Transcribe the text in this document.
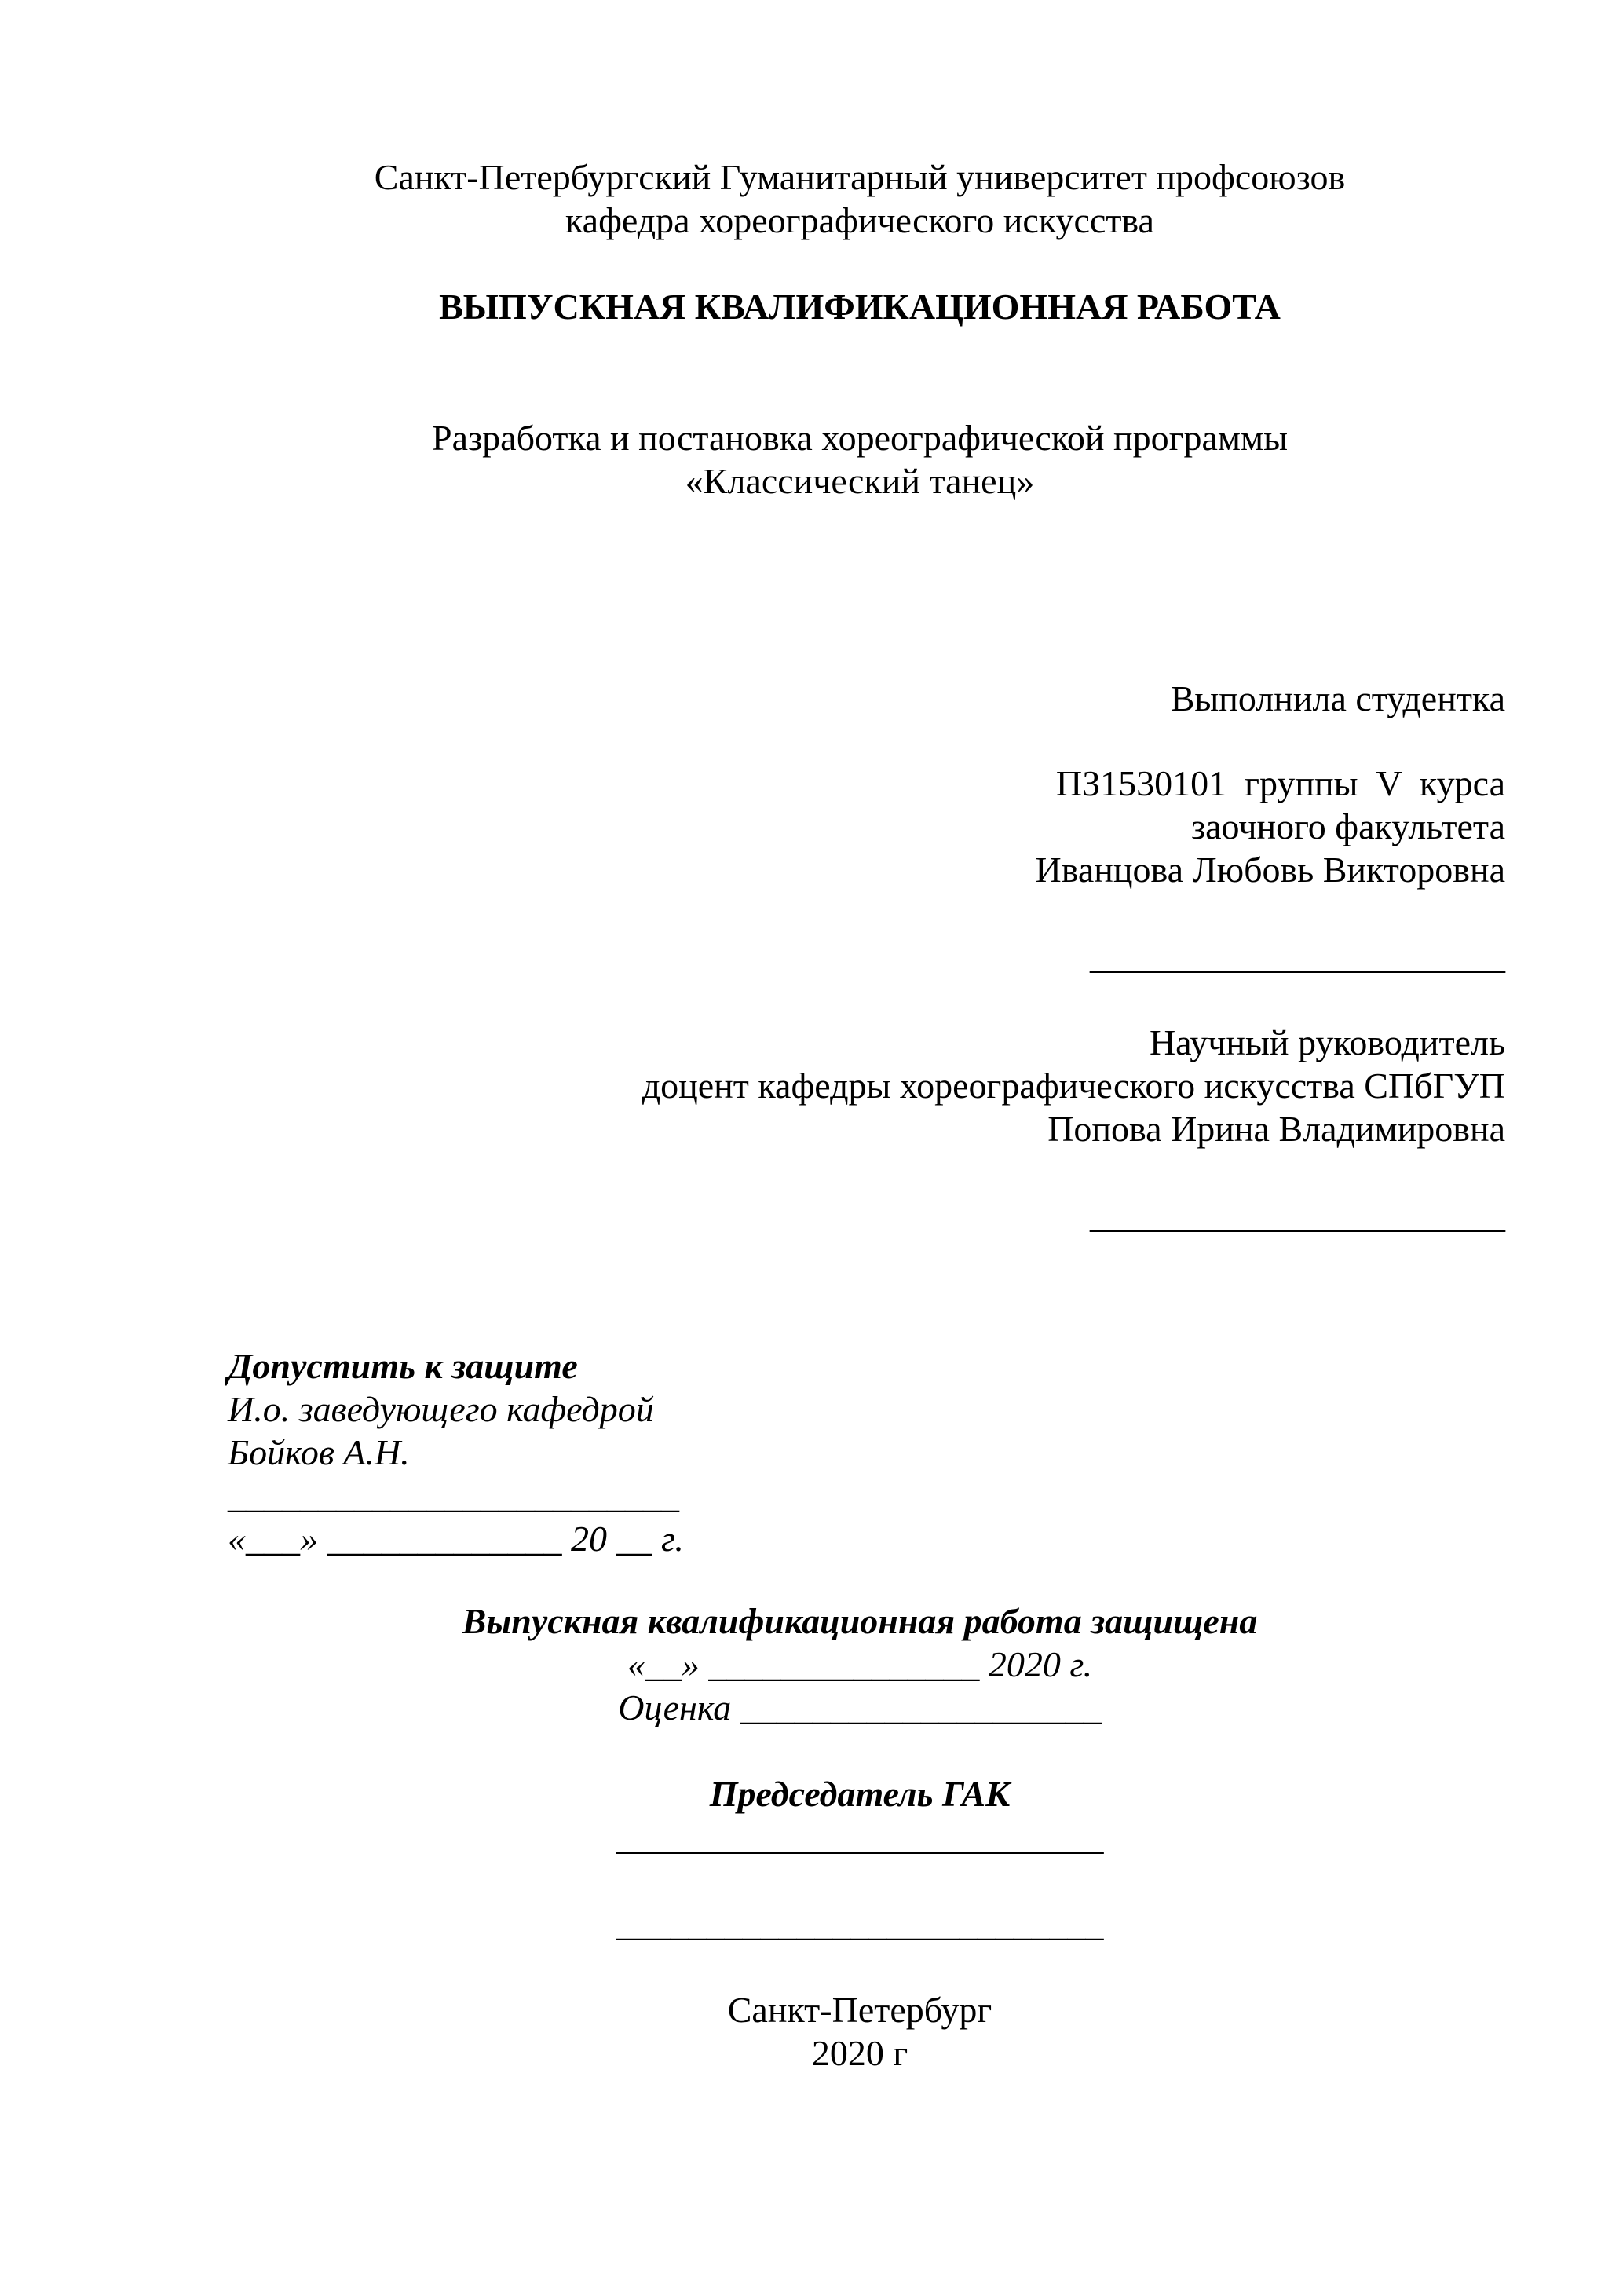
Санкт-Петербургский Гуманитарный университет профсоюзов
кафедра хореографического искусства
ВЫПУСКНАЯ КВАЛИФИКАЦИОННАЯ РАБОТА
Разработка и постановка хореографической программы
«Классический танец»
Выполнила студентка
ПЗ1530101  группы  V  курса
заочного факультета
Иванцова Любовь Викторовна
_______________________
Научный руководитель
доцент кафедры хореографического искусства СПбГУП
Попова Ирина Владимировна
_______________________
Допустить к защите
И.о. заведующего кафедрой
Бойков А.Н.
_________________________
«___» _____________ 20 __ г.
Выпускная квалификационная работа защищена
«__» _______________ 2020 г.
Оценка ____________________
Председатель ГАК
___________________________
___________________________
Санкт-Петербург
2020 г
